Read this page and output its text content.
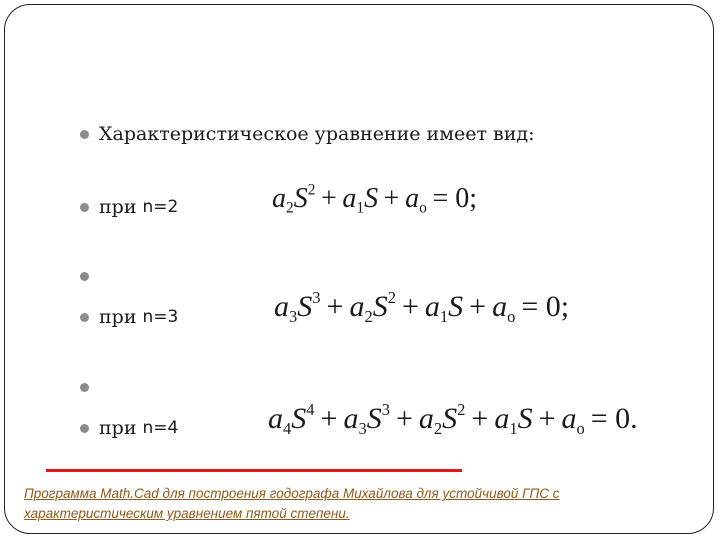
Характеристическое уравнение имеет вид:
при n=2
при n=3
при n=4
$a_2S^2 + a_1S + a_o = 0$;
$a_3S^3 + a_2S^2 + a_1S + a_o = 0$;
$a_4S^4 + a_3S^3 + a_2S^2 + a_1S + a_o = 0$.
Программа Math.Cad для построения годографа Михайлова для устойчивой ГПС с характеристическим уравнением пятой степени.
